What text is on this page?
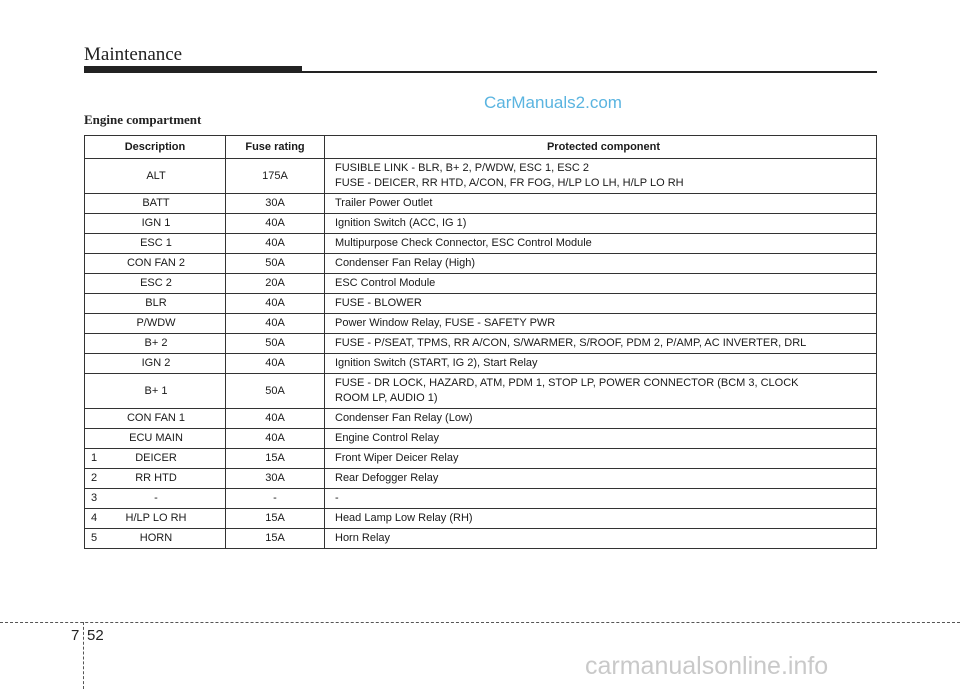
Maintenance
CarManuals2.com
Engine compartment
Description	Fuse rating	Protected component

ALT	175A	FUSIBLE LINK - BLR, B+ 2, P/WDW, ESC 1, ESC 2
FUSE - DEICER, RR HTD, A/CON, FR FOG, H/LP LO LH, H/LP LO RH

BATT	30A	Trailer Power Outlet

IGN 1	40A	Ignition Switch (ACC, IG 1)

ESC 1	40A	Multipurpose Check Connector, ESC Control Module

CON FAN 2	50A	Condenser Fan Relay (High)

ESC 2	20A	ESC Control Module

BLR	40A	FUSE - BLOWER

P/WDW	40A	Power Window Relay, FUSE - SAFETY PWR

B+ 2	50A	FUSE - P/SEAT, TPMS, RR A/CON, S/WARMER, S/ROOF, PDM 2, P/AMP, AC INVERTER, DRL

IGN 2	40A	Ignition Switch (START, IG 2), Start Relay

B+ 1	50A	FUSE - DR LOCK, HAZARD, ATM, PDM 1, STOP LP, POWER CONNECTOR (BCM 3, CLOCK
ROOM LP, AUDIO 1)

CON FAN 1	40A	Condenser Fan Relay (Low)

ECU MAIN	40A	Engine Control Relay

1 DEICER	15A	Front Wiper Deicer Relay

2 RR HTD	30A	Rear Defogger Relay

3 -	-	-

4 H/LP LO RH	15A	Head Lamp Low Relay (RH)

5 HORN	15A	Horn Relay
7 52
carmanualsonline.info
